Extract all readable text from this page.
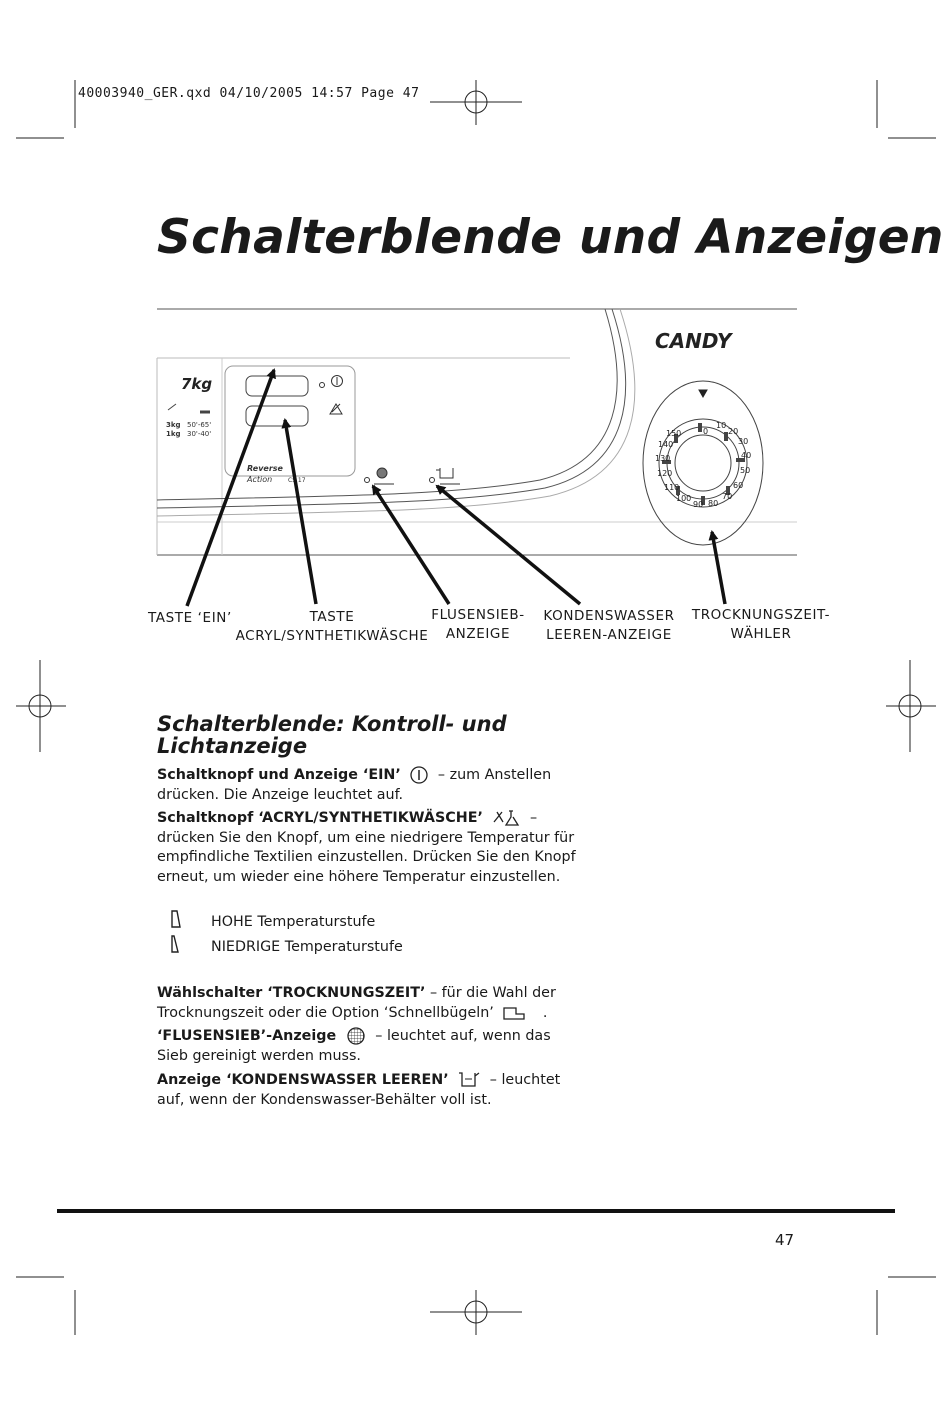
40003940_GER.qxd 04/10/2005 14:57 Page 47
Schalterblende und Anzeigen
0
10
20
30
40
50
60
70
80
90
100
110
120
130
140
150
CANDY
7kg
3kg 50'-65'
1kg 30'-40'
Reverse
Action	CS 17
TASTE ‘EIN’	TASTE
ACRYL/SYNTHETIKWÄSCHE
FLUSENSIEB-
ANZEIGE
KONDENSWASSER
LEEREN-ANZEIGE
TROCKNUNGSZEIT-
WÄHLER
Schalterblende: Kontroll- und Lichtanzeige
Schaltknopf und Anzeige ‘EIN’	– zum Anstellen drücken. Die Anzeige leuchtet auf.
Schaltknopf ‘ACRYL/SYNTHETIKWÄSCHE’	– drücken Sie den Knopf, um eine niedrigere Temperatur für empfindliche Textilien einzustellen. Drücken Sie den Knopf erneut, um wieder eine höhere Temperatur einzustellen.
HOHE Temperaturstufe
NIEDRIGE Temperaturstufe
Wählschalter ‘TROCKNUNGSZEIT’ – für die Wahl der Trocknungszeit oder die Option ‘Schnellbügeln’	.
‘FLUSENSIEB’-Anzeige	– leuchtet auf, wenn das Sieb gereinigt werden muss.
Anzeige ‘KONDENSWASSER LEEREN’	– leuchtet auf, wenn der Kondenswasser-Behälter voll ist.
47
